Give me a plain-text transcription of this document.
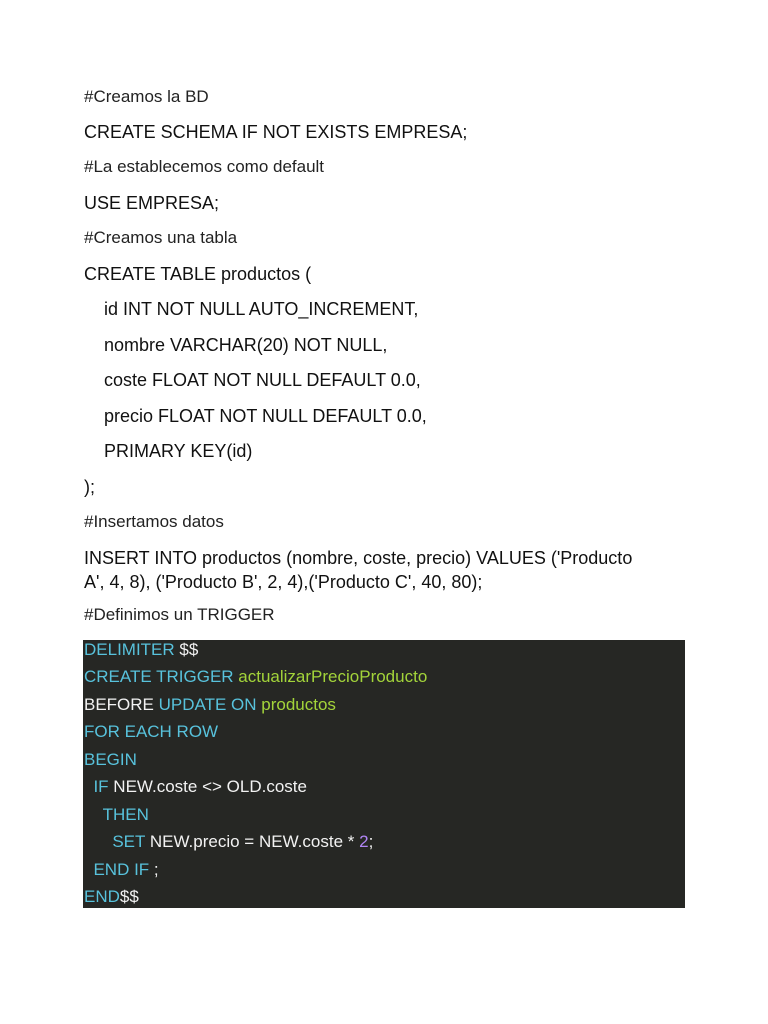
#Creamos la BD
CREATE SCHEMA IF NOT EXISTS EMPRESA;
#La establecemos como default
USE EMPRESA;
#Creamos una tabla
CREATE TABLE productos (
id INT NOT NULL AUTO_INCREMENT,
nombre VARCHAR(20) NOT NULL,
coste FLOAT NOT NULL DEFAULT 0.0,
precio FLOAT NOT NULL DEFAULT 0.0,
PRIMARY KEY(id)
);
#Insertamos datos
INSERT INTO productos (nombre, coste, precio) VALUES ('Producto
A', 4, 8), ('Producto B', 2, 4),('Producto C', 40, 80);
#Definimos un TRIGGER
DELIMITER $$
CREATE TRIGGER actualizarPrecioProducto
BEFORE UPDATE ON productos
FOR EACH ROW
BEGIN
IF NEW.coste <> OLD.coste
THEN
SET NEW.precio = NEW.coste * 2;
END IF ;
END$$
